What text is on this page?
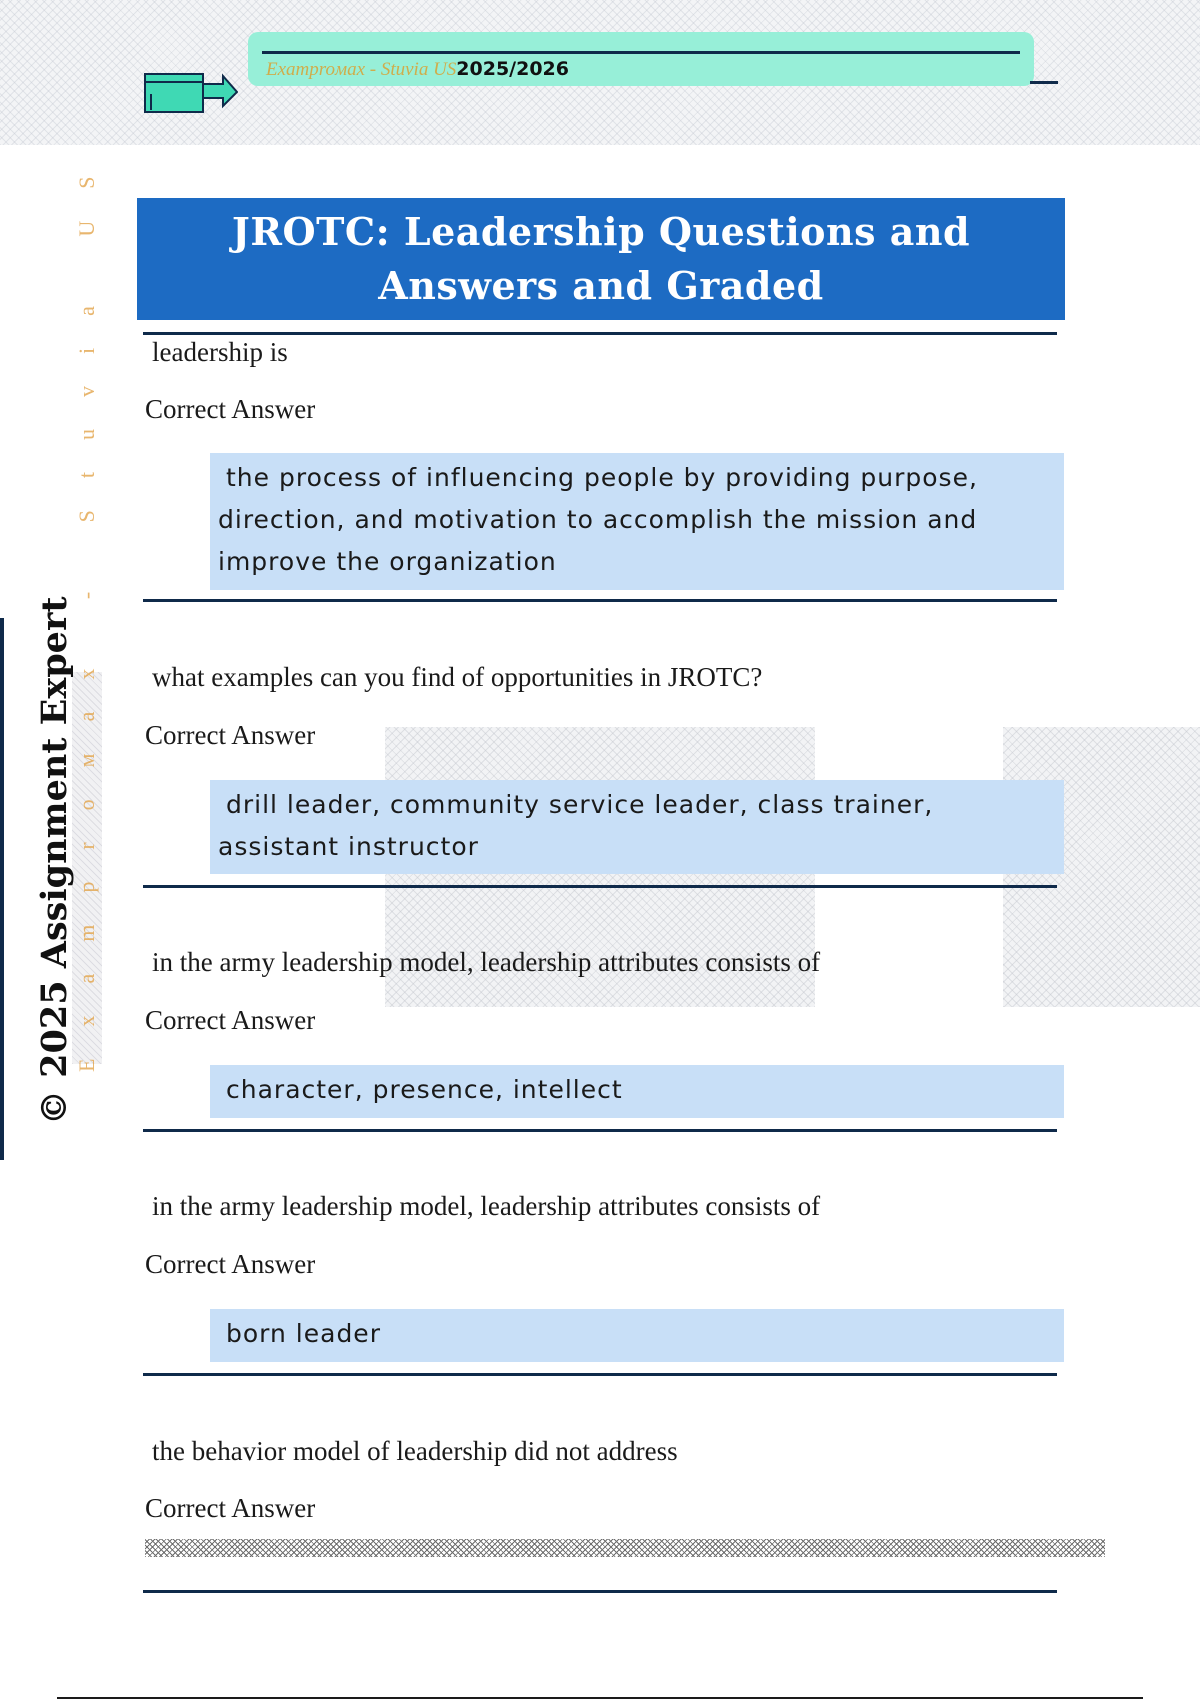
Examproмax - Stuvia US2025/2026
JROTC: Leadership Questions and Answers and Graded
Examproмax - Stuvia US
© 2025 Assignment Expert
leadership is
Correct Answer
the process of influencing people by providing purpose, direction, and motivation to accomplish the mission and improve the organization
what examples can you find of opportunities in JROTC?
Correct Answer
drill leader, community service leader, class trainer, assistant instructor
in the army leadership model, leadership attributes consists of
Correct Answer
character, presence, intellect
in the army leadership model, leadership attributes consists of
Correct Answer
born leader
the behavior model of leadership did not address
Correct Answer
